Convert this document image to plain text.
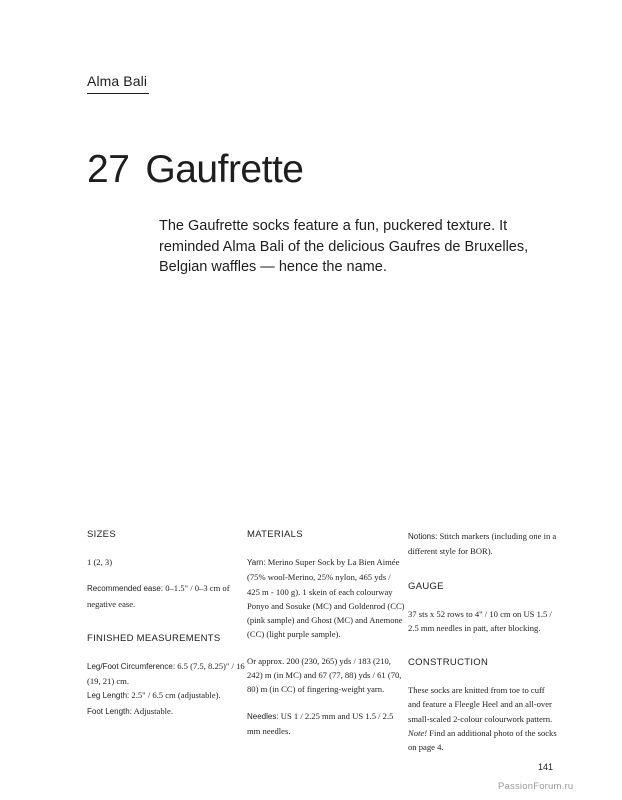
Alma Bali
27 Gaufrette

The Gaufrette socks feature a fun, puckered texture. It reminded Alma Bali of the delicious Gaufres de Bruxelles, Belgian waffles — hence the name.

SIZES

1 (2, 3)

Recommended ease: 0–1.5" / 0–3 cm of negative ease.

FINISHED MEASUREMENTS

Leg/Foot Circumference: 6.5 (7.5, 8.25)" / 16 (19, 21) cm.

Leg Length: 2.5" / 6.5 cm (adjustable).

Foot Length: Adjustable.

MATERIALS

Yarn: Merino Super Sock by La Bien Aimée (75% wool-Merino, 25% nylon, 465 yds / 425 m - 100 g). 1 skein of each colourway Ponyo and Sosuke (MC) and Goldenrod (CC) (pink sample) and Ghost (MC) and Anemone (CC) (light purple sample).

Or approx. 200 (230, 265) yds / 183 (210, 242) m (in MC) and 67 (77, 88) yds / 61 (70, 80) m (in CC) of fingering-weight yarn.

Needles: US 1 / 2.25 mm and US 1.5 / 2.5 mm needles.

Notions: Stitch markers (including one in a different style for BOR).

GAUGE

37 sts x 52 rows to 4" / 10 cm on US 1.5 / 2.5 mm needles in patt, after blocking.

CONSTRUCTION

These socks are knitted from toe to cuff and feature a Fleegle Heel and an all-over small-scaled 2-colour colourwork pattern. Note! Find an additional photo of the socks on page 4.

141
PassionForum.ru
